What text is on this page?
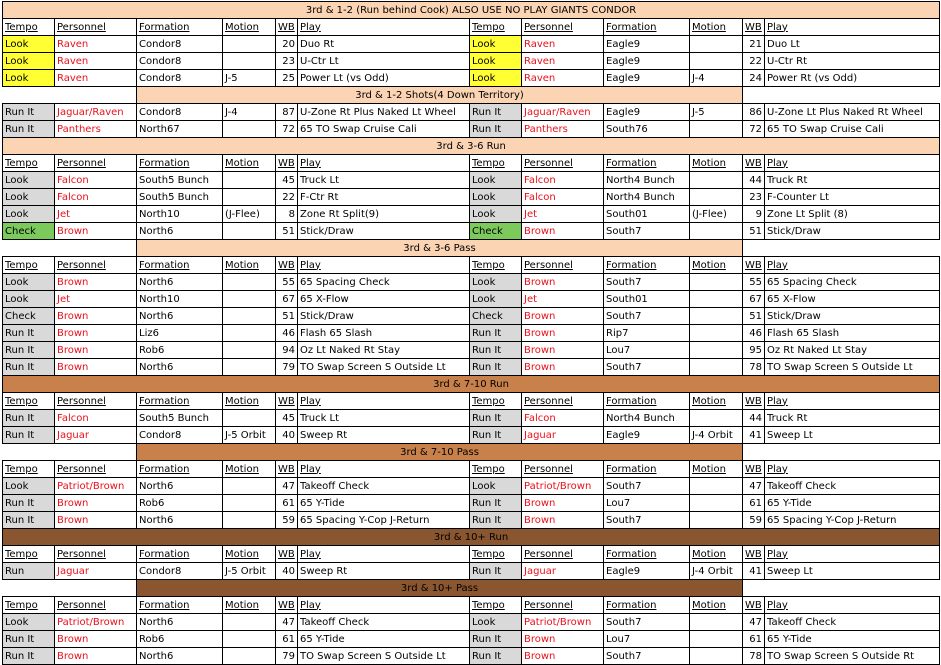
3rd & 1-2 (Run behind Cook) ALSO USE NO PLAY GIANTS CONDOR											
Tempo	Personnel	Formation	Motion	WB	Play	Tempo	Personnel	Formation	Motion	WB	Play
Look	Raven	Condor8		20	Duo Rt	Look	Raven	Eagle9		21	Duo Lt
Look	Raven	Condor8		23	U-Ctr Lt	Look	Raven	Eagle9		22	U-Ctr Rt
Look	Raven	Condor8	J-5	25	Power Lt (vs Odd)	Look	Raven	Eagle9	J-4	24	Power Rt (vs Odd)
		3rd & 1-2 Shots(4 Down Territory)									
Run It	Jaguar/Raven	Condor8	J-4	87	U-Zone Rt Plus Naked Lt Wheel	Run It	Jaguar/Raven	Eagle9	J-5	86	U-Zone Lt Plus Naked Rt Wheel
Run It	Panthers	North67		72	65 TO Swap Cruise Cali	Run It	Panthers	South76		72	65 TO Swap Cruise Cali
3rd & 3-6 Run											
Tempo	Personnel	Formation	Motion	WB	Play	Tempo	Personnel	Formation	Motion	WB	Play
Look	Falcon	South5 Bunch		45	Truck Lt	Look	Falcon	North4 Bunch		44	Truck Rt
Look	Falcon	South5 Bunch		22	F-Ctr Rt	Look	Falcon	North4 Bunch		23	F-Counter Lt
Look	Jet	North10	(J-Flee)	8	Zone Rt Split(9)	Look	Jet	South01	(J-Flee)	9	Zone Lt Split (8)
Check	Brown	North6		51	Stick/Draw	Check	Brown	South7		51	Stick/Draw
		3rd & 3-6 Pass									
Tempo	Personnel	Formation	Motion	WB	Play	Tempo	Personnel	Formation	Motion	WB	Play
Look	Brown	North6		55	65 Spacing Check	Look	Brown	South7		55	65 Spacing Check
Look	Jet	North10		67	65 X-Flow	Look	Jet	South01		67	65 X-Flow
Check	Brown	North6		51	Stick/Draw	Check	Brown	South7		51	Stick/Draw
Run It	Brown	Liz6		46	Flash 65 Slash	Run It	Brown	Rip7		46	Flash 65 Slash
Run It	Brown	Rob6		94	Oz Lt Naked Rt Stay	Run It	Brown	Lou7		95	Oz Rt Naked Lt Stay
Run It	Brown	North6		79	TO Swap Screen S Outside Lt	Run It	Brown	South7		78	TO Swap Screen S Outside Lt
3rd & 7-10 Run											
Tempo	Personnel	Formation	Motion	WB	Play	Tempo	Personnel	Formation	Motion	WB	Play
Run It	Falcon	South5 Bunch		45	Truck Lt	Run It	Falcon	North4 Bunch		44	Truck Rt
Run It	Jaguar	Condor8	J-5 Orbit	40	Sweep Rt	Run It	Jaguar	Eagle9	J-4 Orbit	41	Sweep Lt
		3rd & 7-10 Pass									
Tempo	Personnel	Formation	Motion	WB	Play	Tempo	Personnel	Formation	Motion	WB	Play
Look	Patriot/Brown	North6		47	Takeoff Check	Look	Patriot/Brown	South7		47	Takeoff Check
Run It	Brown	Rob6		61	65 Y-Tide	Run It	Brown	Lou7		61	65 Y-Tide
Run It	Brown	North6		59	65 Spacing Y-Cop J-Return	Run It	Brown	South7		59	65 Spacing Y-Cop J-Return
3rd & 10+ Run											
Tempo	Personnel	Formation	Motion	WB	Play	Tempo	Personnel	Formation	Motion	WB	Play
Run	Jaguar	Condor8	J-5 Orbit	40	Sweep Rt	Run It	Jaguar	Eagle9	J-4 Orbit	41	Sweep Lt
		3rd & 10+ Pass									
Tempo	Personnel	Formation	Motion	WB	Play	Tempo	Personnel	Formation	Motion	WB	Play
Look	Patriot/Brown	North6		47	Takeoff Check	Look	Patriot/Brown	South7		47	Takeoff Check
Run It	Brown	Rob6		61	65 Y-Tide	Run It	Brown	Lou7		61	65 Y-Tide
Run It	Brown	North6		79	TO Swap Screen S Outside Lt	Run It	Brown	South7		78	TO Swap Screen S Outside Rt
